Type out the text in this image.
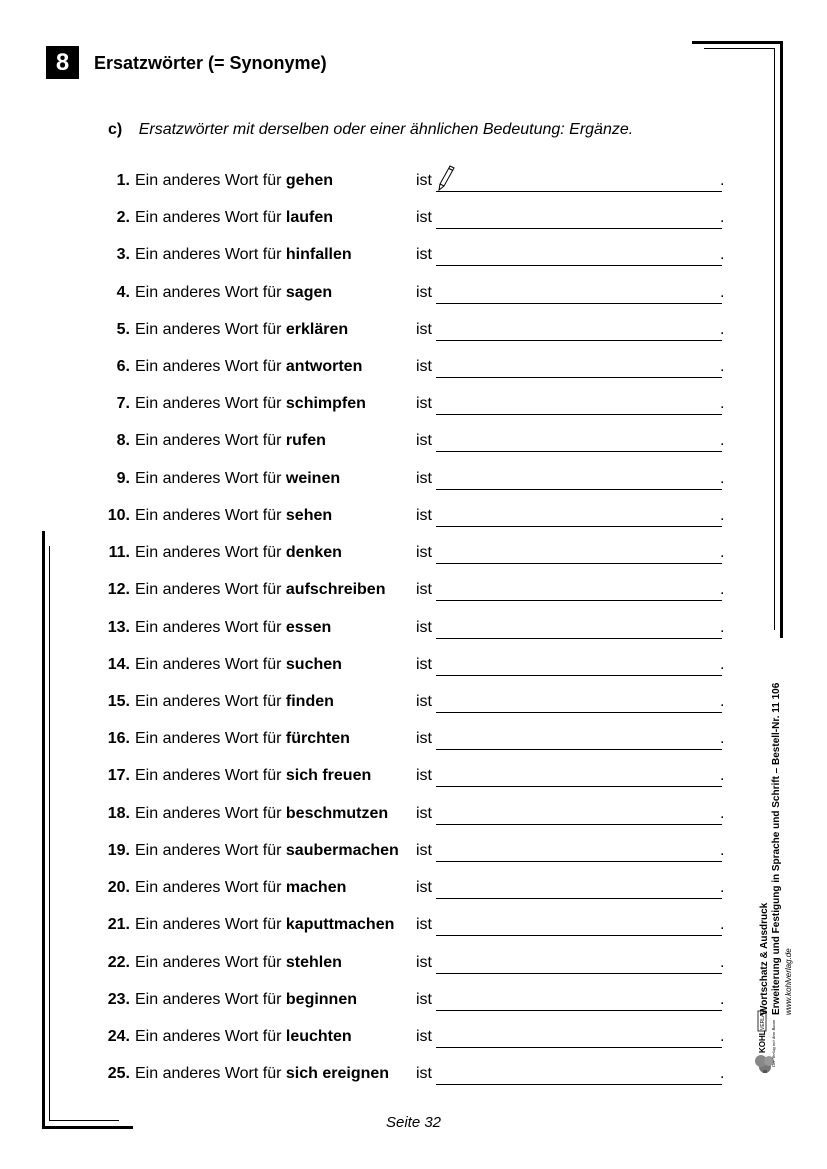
8	Ersatzwörter (= Synonyme)
c) Ersatzwörter mit derselben oder einer ähnlichen Bedeutung: Ergänze.
1. Ein anderes Wort für gehen	ist	.
2. Ein anderes Wort für laufen	ist	.
3. Ein anderes Wort für hinfallen	ist	.
4. Ein anderes Wort für sagen	ist	.
5. Ein anderes Wort für erklären	ist	.
6. Ein anderes Wort für antworten	ist	.
7. Ein anderes Wort für schimpfen	ist	.
8. Ein anderes Wort für rufen	ist	.
9. Ein anderes Wort für weinen	ist	.
10. Ein anderes Wort für sehen	ist	.
11. Ein anderes Wort für denken	ist	.
12. Ein anderes Wort für aufschreiben ist	.
13. Ein anderes Wort für essen	ist	.
14. Ein anderes Wort für suchen	ist	.
15. Ein anderes Wort für finden	ist	.
16. Ein anderes Wort für fürchten	ist	.
17. Ein anderes Wort für sich freuen	ist	.
18. Ein anderes Wort für beschmutzen ist	.
19. Ein anderes Wort für saubermachen ist	.
20. Ein anderes Wort für machen	ist	.
21. Ein anderes Wort für kaputtmachen ist	.
22. Ein anderes Wort für stehlen	ist	.
23. Ein anderes Wort für beginnen	ist	.
24. Ein anderes Wort für leuchten	ist	.
25. Ein anderes Wort für sich ereignen ist	.
Wortschatz & Ausdruck Erweiterung und Festigung in Sprache und Schrift – Bestell-Nr. 11 106 www.kohlverlag.de
KOHL
VERLAG
Der Verlag mit dem Baum
Seite 32
